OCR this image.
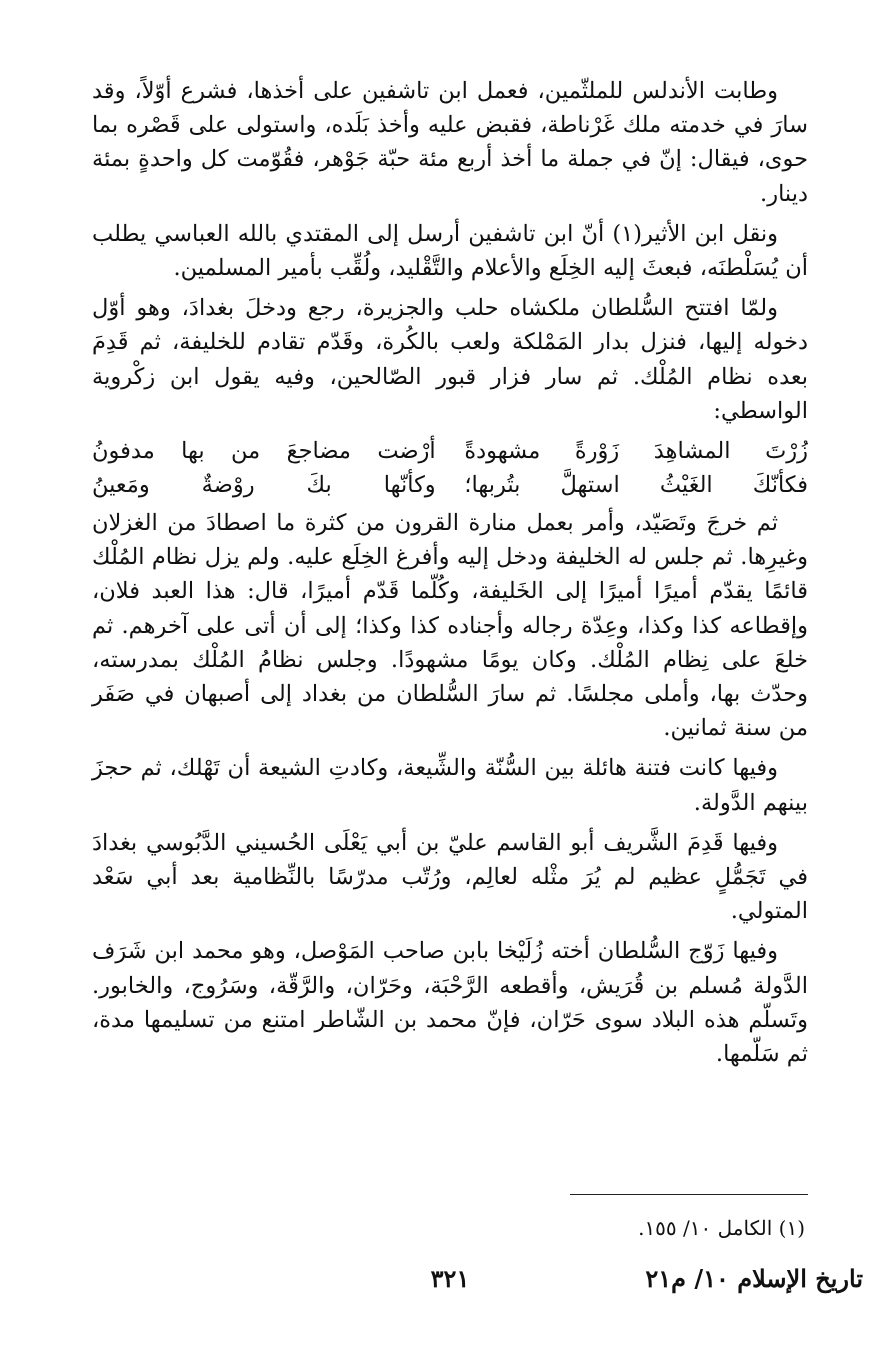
وطابت الأندلس للملثّمين، فعمل ابن تاشفين على أخذها، فشرع أوّلاً، وقد سارَ في خدمته ملك غَرْناطة، فقبض عليه وأخذ بَلَده، واستولى على قَصْره بما حوى، فيقال: إنّ في جملة ما أخذ أربع مئة حبّة جَوْهر، فقُوّمت كل واحدةٍ بمئة دينار.

ونقل ابن الأثير(١) أنّ ابن تاشفين أرسل إلى المقتدي بالله العباسي يطلب أن يُسَلْطنَه، فبعثَ إليه الخِلَع والأعلام والتَّقْليد، ولُقِّب بأمير المسلمين.

ولمّا افتتح السُّلطان ملكشاه حلب والجزيرة، رجع ودخلَ بغدادَ، وهو أوّل دخوله إليها، فنزل بدار المَمْلكة ولعب بالكُرة، وقَدّم تقادم للخليفة، ثم قَدِمَ بعده نظام المُلْك. ثم سار فزار قبور الصّالحين، وفيه يقول ابن زكْروية الواسطي:

زُرْتَ المشاهِدَ زَوْرةً مشهودةً
أرْضت مضاجعَ من بها مدفونُ
فكأنّكَ الغَيْثُ استهلَّ بتُربها؛
وكأنّها بكَ روْضةٌ ومَعينُ

ثم خرجَ وتَصَيّد، وأمر بعمل منارة القرون من كثرة ما اصطادَ من الغزلان وغيرِها. ثم جلس له الخليفة ودخل إليه وأفرغ الخِلَع عليه. ولم يزل نظام المُلْك قائمًا يقدّم أميرًا أميرًا إلى الخَليفة، وكُلّما قَدّم أميرًا، قال: هذا العبد فلان، وإقطاعه كذا وكذا، وعِدّة رجاله وأجناده كذا وكذا؛ إلى أن أتى على آخرهم. ثم خلعَ على نِظام المُلْك. وكان يومًا مشهودًا. وجلس نظامُ المُلْك بمدرسته، وحدّث بها، وأملى مجلسًا. ثم سارَ السُّلطان من بغداد إلى أصبهان في صَفَر من سنة ثمانين.

وفيها كانت فتنة هائلة بين السُّنّة والشِّيعة، وكادتِ الشيعة أن تَهْلك، ثم حجزَ بينهم الدَّولة.

وفيها قَدِمَ الشَّريف أبو القاسم عليّ بن أبي يَعْلَى الحُسيني الدَّبُوسي بغدادَ في تَجَمُّلٍ عظيم لم يُرَ مثْله لعالِم، ورُتّب مدرّسًا بالنِّظامية بعد أبي سَعْد المتولي.

وفيها زَوّج السُّلطان أخته زُلَيْخا بابن صاحب المَوْصل، وهو محمد ابن شَرَف الدَّولة مُسلم بن قُرَيش، وأقطعه الرَّحْبَة، وحَرّان، والرَّقّة، وسَرُوج، والخابور. وتَسلّم هذه البلاد سوى حَرّان، فإنّ محمد بن الشّاطر امتنع من تسليمها مدة، ثم سَلّمها.

(١) الكامل ١٠/ ١٥٥.
٣٢١	تاريخ الإسلام ١٠/ م٢١
